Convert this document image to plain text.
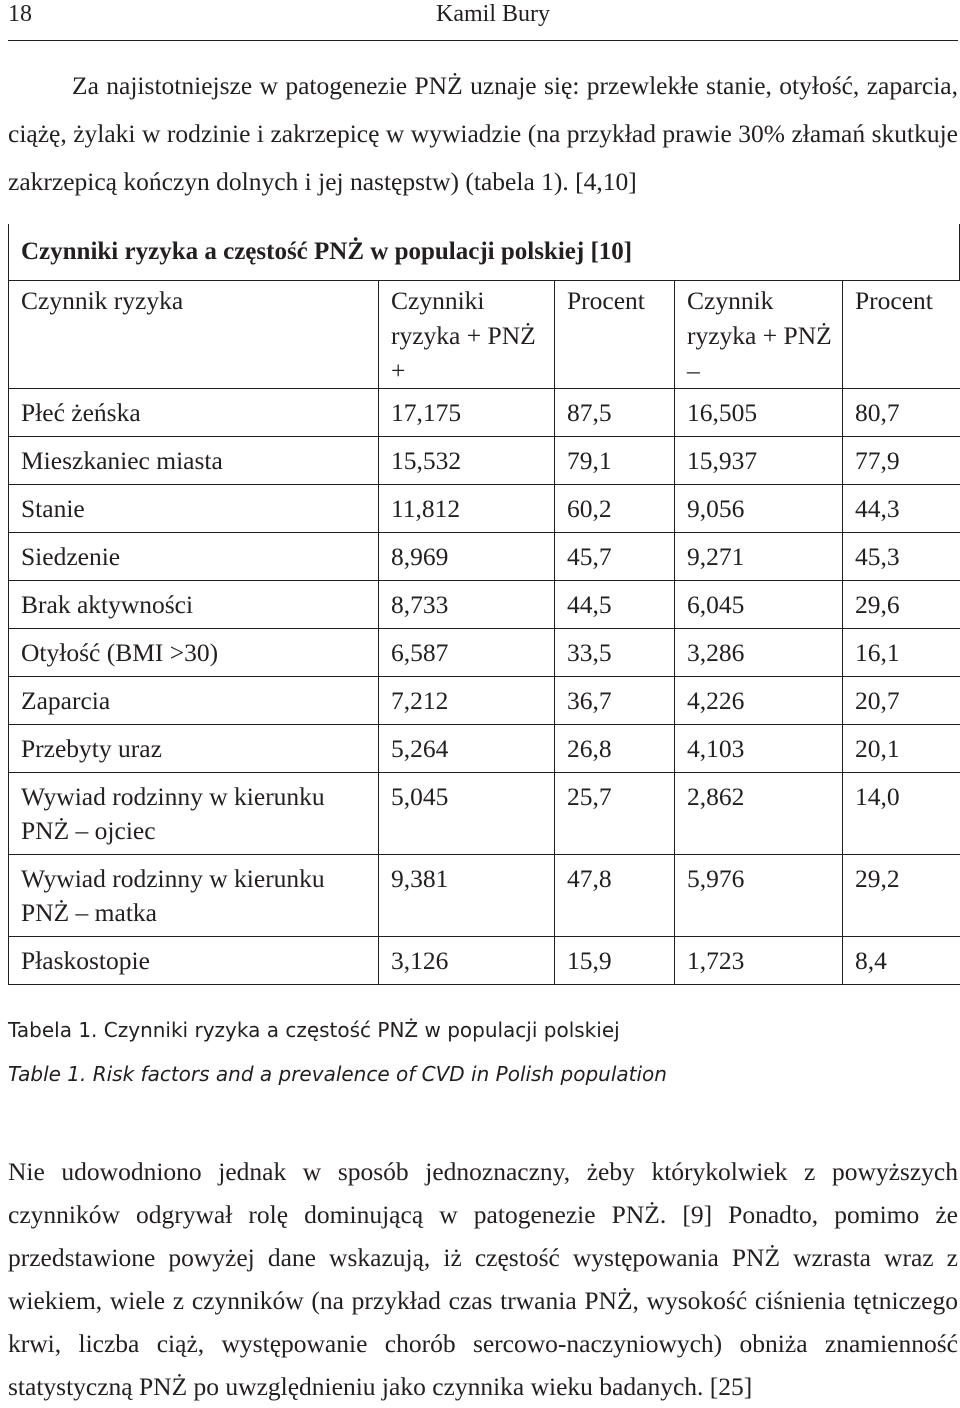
18	Kamil Bury

Za najistotniejsze w patogenezie PNŻ uznaje się: przewlekłe stanie, otyłość, zaparcia, ciążę, żylaki w rodzinie i zakrzepicę w wywiadzie (na przykład prawie 30% złamań skutkuje zakrzepicą kończyn dolnych i jej następstw) (tabela 1). [4,10]

Czynniki ryzyka a częstość PNŻ w populacji polskiej [10]
Czynnik ryzyka	Czynniki ryzyka + PNŻ +	Procent	Czynnik ryzyka + PNŻ –	Procent
Płeć żeńska	17,175	87,5	16,505	80,7
Mieszkaniec miasta	15,532	79,1	15,937	77,9
Stanie	11,812	60,2	9,056	44,3
Siedzenie	8,969	45,7	9,271	45,3
Brak aktywności	8,733	44,5	6,045	29,6
Otyłość (BMI >30)	6,587	33,5	3,286	16,1
Zaparcia	7,212	36,7	4,226	20,7
Przebyty uraz	5,264	26,8	4,103	20,1
Wywiad rodzinny w kierunku PNŻ – ojciec	5,045	25,7	2,862	14,0
Wywiad rodzinny w kierunku PNŻ – matka	9,381	47,8	5,976	29,2
Płaskostopie	3,126	15,9	1,723	8,4
Tabela 1. Czynniki ryzyka a częstość PNŻ w populacji polskiej
Table 1. Risk factors and a prevalence of CVD in Polish population

Nie udowodniono jednak w sposób jednoznaczny, żeby którykolwiek z powyższych czynników odgrywał rolę dominującą w patogenezie PNŻ. [9] Ponadto, pomimo że przedstawione powyżej dane wskazują, iż częstość występowania PNŻ wzrasta wraz z wiekiem, wiele z czynników (na przykład czas trwania PNŻ, wysokość ciśnienia tętniczego krwi, liczba ciąż, występowanie chorób sercowo-naczyniowych) obniża znamienność statystyczną PNŻ po uwzględnieniu jako czynnika wieku badanych. [25]
